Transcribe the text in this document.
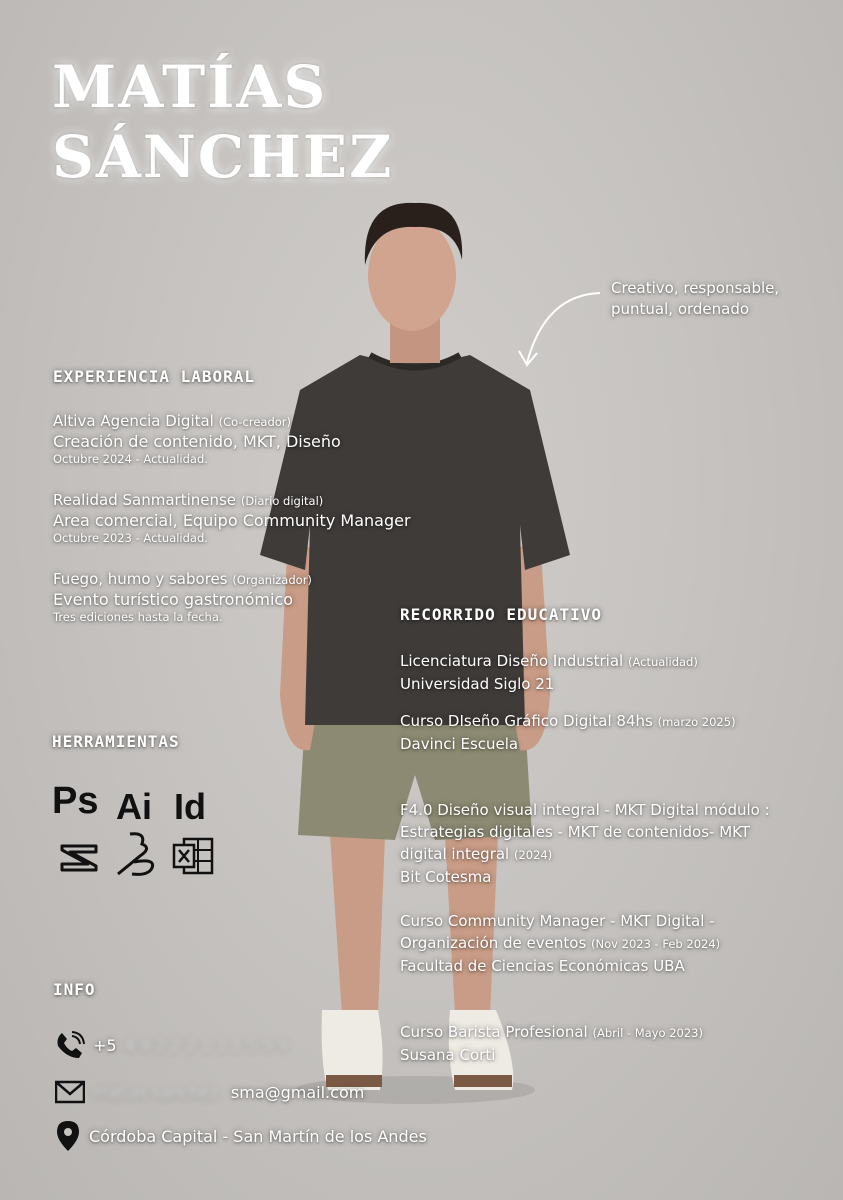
MATÍAS
SÁNCHEZ
Creativo, responsable,
puntual, ordenado
EXPERIENCIA LABORAL
Altiva Agencia Digital (Co-creador)
Creación de contenido, MKT, Diseño
Octubre 2024 - Actualidad.
Realidad Sanmartinense (Diario digital)
Area comercial, Equipo Community Manager
Octubre 2023 - Actualidad.
Fuego, humo y sabores (Organizador)
Evento turístico gastronómico
Tres ediciones hasta la fecha.	RECORRIDO EDUCATIVO
Licenciatura Diseño Industrial (Actualidad)
Universidad Siglo 21
Curso DIseño Gráfico Digital 84hs (marzo 2025)
Davinci Escuela
F4.0 Diseño visual integral - MKT Digital módulo : Estrategias digitales - MKT de contenidos- MKT digital integral (2024)
Bit Cotesma
Curso Community Manager - MKT Digital - Organización de eventos (Nov 2023 - Feb 2024)
Facultad de Ciencias Económicas UBA
Curso Barista Profesional (Abril - Mayo 2023)
Susana Corti
HERRAMIENTAS
Ps Ai Id
INFO
+5 4 9 2 2 2 1 1 1 5 9 9
matias sanchez. sma@gmail.com
Córdoba Capital - San Martín de los Andes
